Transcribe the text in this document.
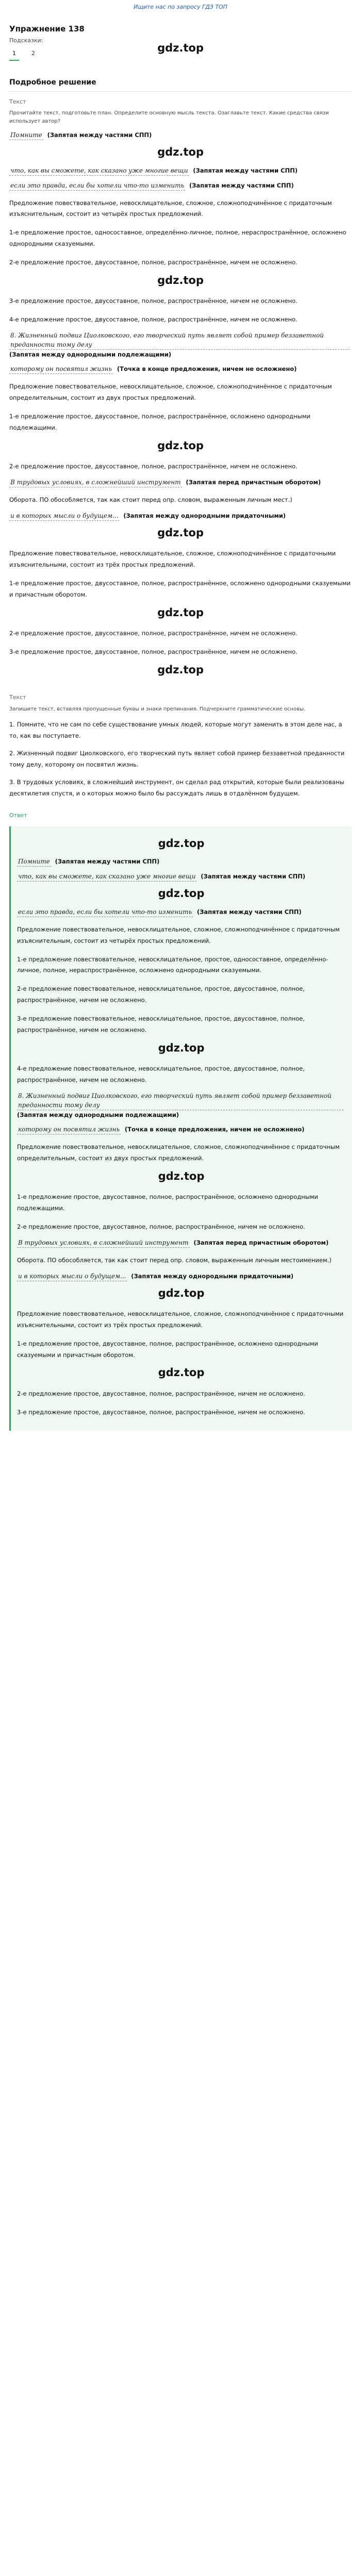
Ищите нас по запросу ГДЗ ТОП
Упражнение 138
Подсказки:
1	2	gdz.top
Подробное решение
Текст
Прочитайте текст, подготовьте план. Определите основную мысль текста. Озаглавьте текст. Какие средства связи использует автор?
Помните (Запятая между частями СПП)
gdz.top
что, как вы сможете, как сказано уже многие вещи (Запятая между частями СПП)
если это правда, если бы хотели что-то изменить (Запятая между частями СПП)
Предложение повествовательное, невосклицательное, сложное, сложноподчинённое с придаточным изъяснительным, состоит из четырёх простых предложений.
1-е предложение простое, односоставное, определённо-личное, полное, нераспространённое, осложнено однородными сказуемыми.
2-е предложение простое, двусоставное, полное, распространённое, ничем не осложнено.
gdz.top
3-е предложение простое, двусоставное, полное, распространённое, ничем не осложнено.
4-е предложение простое, двусоставное, полное, распространённое, ничем не осложнено.
8. Жизненный подвиг Циолковского, его творческий путь являет собой пример беззаветной преданности тому делу (Запятая между однородными подлежащими)
которому он посвятил жизнь (Точка в конце предложения, ничем не осложнено)
Предложение повествовательное, невосклицательное, сложное, сложноподчинённое с придаточным определительным, состоит из двух простых предложений.
1-е предложение простое, двусоставное, полное, распространённое, осложнено однородными подлежащими.
gdz.top
2-е предложение простое, двусоставное, полное, распространённое, ничем не осложнено.
В трудовых условиях, в сложнейший инструмент (Запятая перед причастным оборотом)
Оборота. ПО обособляется, так как стоит перед опр. словом, выраженным личным мест.)
и в которых мысли о будущем... (Запятая между однородными придаточными)
gdz.top
Предложение повествовательное, невосклицательное, сложное, сложноподчинённое с придаточными изъяснительными, состоит из трёх простых предложений.
1-е предложение простое, двусоставное, полное, распространённое, осложнено однородными сказуемыми и причастным оборотом.
gdz.top
2-е предложение простое, двусоставное, полное, распространённое, ничем не осложнено.
3-е предложение простое, двусоставное, полное, распространённое, ничем не осложнено.
gdz.top
Текст
Запишите текст, вставляя пропущенные буквы и знаки препинания. Подчеркните грамматические основы.
1. Помните, что не сам по себе существование умных людей, которые могут заменить в этом деле нас, а то, как вы поступаете.
2. Жизненный подвиг Циолковского, его творческий путь являет собой пример беззаветной преданности тому делу, которому он посвятил жизнь.
3. В трудовых условиях, в сложнейший инструмент, он сделал рад открытий, которые были реализованы десятилетия спустя, и о которых можно было бы рассуждать лишь в отдалённом будущем.
Ответ
gdz.top
Помните (Запятая между частями СПП)
что, как вы сможете, как сказано уже многие вещи (Запятая между частями СПП)
gdz.top
если это правда, если бы хотели что-то изменить (Запятая между частями СПП)
Предложение повествовательное, невосклицательное, сложное, сложноподчинённое с придаточным изъяснительным, состоит из четырёх простых предложений.
1-е предложение повествовательное, невосклицательное, простое, односоставное, определённо-личное, полное, нераспространённое, осложнено однородными сказуемыми.
2-е предложение повествовательное, невосклицательное, простое, двусоставное, полное, распространённое, ничем не осложнено.
3-е предложение повествовательное, невосклицательное, простое, двусоставное, полное, распространённое, ничем не осложнено.
gdz.top
4-е предложение повествовательное, невосклицательное, простое, двусоставное, полное, распространённое, ничем не осложнено.
8. Жизненный подвиг Циолковского, его творческий путь являет собой пример беззаветной преданности тому делу (Запятая между однородными подлежащими)
которому он посвятил жизнь (Точка в конце предложения, ничем не осложнено)
Предложение повествовательное, невосклицательное, сложное, сложноподчинённое с придаточным определительным, состоит из двух простых предложений.
gdz.top
1-е предложение простое, двусоставное, полное, распространённое, осложнено однородными подлежащими.
2-е предложение простое, двусоставное, полное, распространённое, ничем не осложнено.
В трудовых условиях, в сложнейший инструмент (Запятая перед причастным оборотом)
Оборота. ПО обособляется, так как стоит перед опр. словом, выраженным личным местоимением.)
и в которых мысли о будущем... (Запятая между однородными придаточными)
gdz.top
Предложение повествовательное, невосклицательное, сложное, сложноподчинённое с придаточными изъяснительными, состоит из трёх простых предложений.
1-е предложение простое, двусоставное, полное, распространённое, осложнено однородными сказуемыми и причастным оборотом.
gdz.top
2-е предложение простое, двусоставное, полное, распространённое, ничем не осложнено.
3-е предложение простое, двусоставное, полное, распространённое, ничем не осложнено.
